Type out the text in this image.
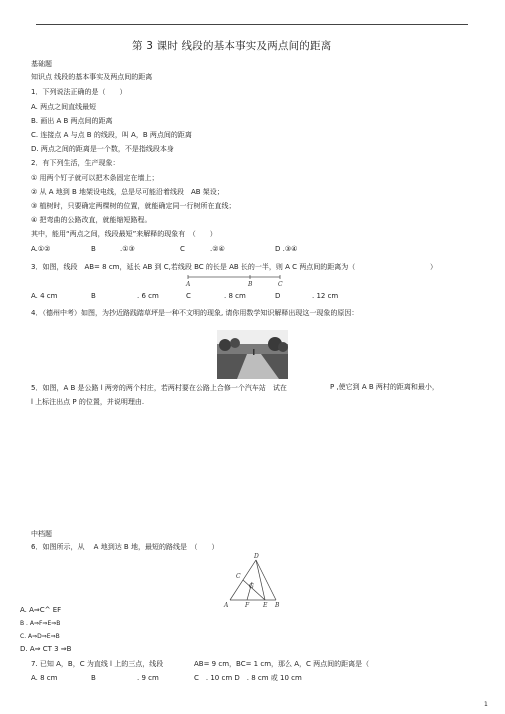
第 3 课时 线段的基本事实及两点间的距离
基础题
知识点 线段的基本事实及两点间的距离
1．下列说法正确的是（　　）
A. 两点之间直线最短
B. 画出 A B 两点间的距离
C. 连接点 A 与点 B 的线段，叫 A，B 两点间的距离
D. 两点之间的距离是一个数，不是指线段本身
2．有下列生活，生产现象：
① 用两个钉子就可以把木条固定在墙上；
② 从 A 地到 B 地架设电线，总是尽可能沿着线段　AB 架设；
③ 植树时，只要确定两棵树的位置，就能确定同一行树所在直线；
④ 把弯曲的公路改直，就能缩短路程。
其中，能用“两点之间，线段最短”来解释的现象有　（　　）
A.①②	B	.①③	C	.②④	D .③④
3．如图，线段　AB= 8 cm，延长 AB 到 C,若线段 BC 的长是 AB 长的一半，则 A C 两点间的距离为（	）
A	B	C
A. 4 cm	B	. 6 cm	C	. 8 cm	D	. 12 cm
4．（德州中考）如图，为抄近路践踏草坪是一种不文明的现象, 请你用数学知识解释出现这一现象的原因：
5．如图，A B 是公路 l 两旁的两个村庄，若两村要在公路上合修一个汽车站　试在	P ,使它到 A B 两村的距离和最小，
l 上标注出点 P 的位置，并说明理由.
中档题
6．如图所示，从　 A 地到达 B 地，最短的路线是　（　　）
D
C
G
A	F E B
A. A⇒C^ EF
B . A⇒F⇒E⇒B
C. A⇒D⇒E⇒B
D. A⇒ CT 3 ⇒B
7. 已知 A，B，C 为直线 l 上的三点，线段	AB= 9 cm，BC= 1 cm，那么 A，C 两点间的距离是（
A. 8 cm	B	. 9 cm	C　. 10 cm D　. 8 cm 或 10 cm
1
